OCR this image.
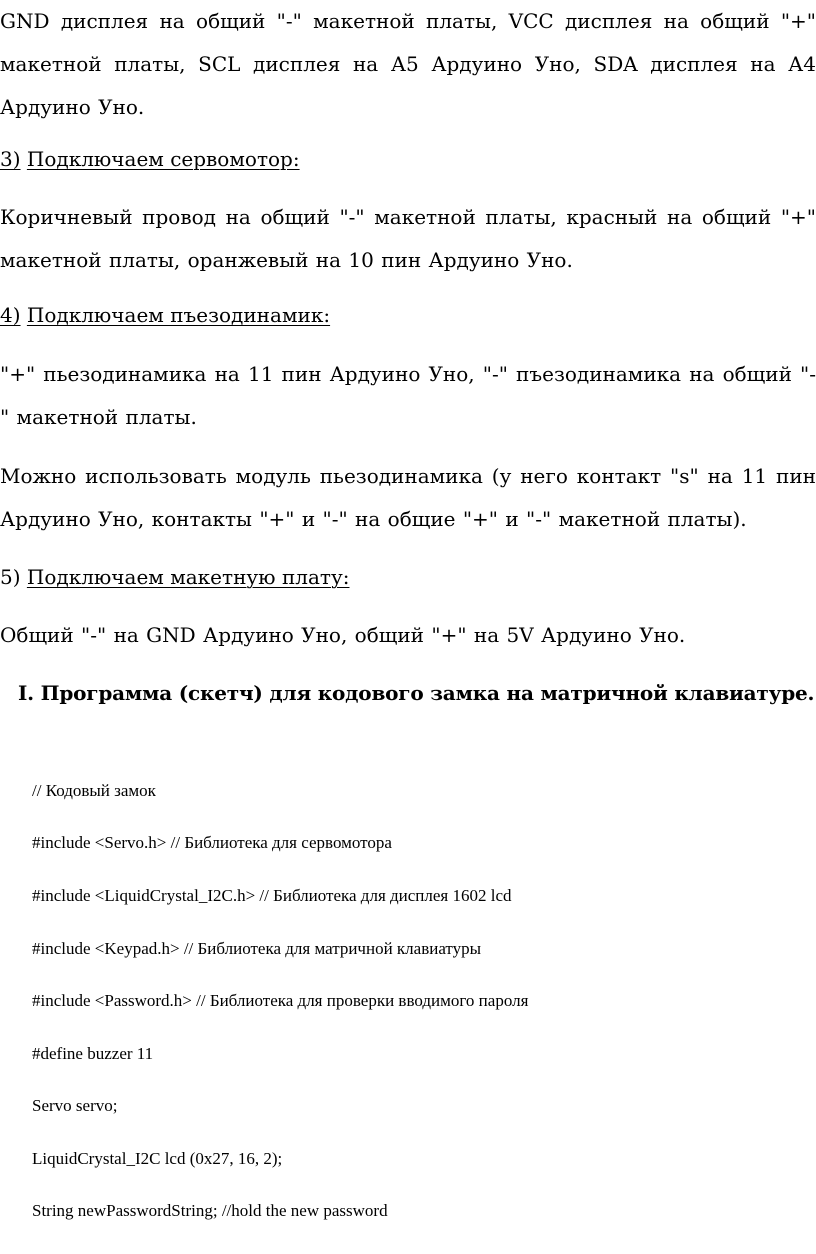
GND дисплея на общий "-" макетной платы, VCC дисплея на общий "+" макетной платы, SCL дисплея на А5 Ардуино Уно, SDA дисплея на А4 Ардуино Уно.

3) Подключаем сервомотор:

Коричневый провод на общий "-" макетной платы, красный на общий "+" макетной платы, оранжевый на 10 пин Ардуино Уно.

4) Подключаем пъезодинамик:

"+" пьезодинамика на 11 пин Ардуино Уно, "-" пъезодинамика на общий "-" макетной платы.

Можно использовать модуль пьезодинамика (у него контакт "s" на 11 пин Ардуино Уно, контакты "+" и "-" на общие "+" и "-" макетной платы).

5) Подключаем макетную плату:

Общий "-" на GND Ардуино Уно, общий "+" на 5V Ардуино Уно.

I. Программа (скетч) для кодового замка на матричной клавиатуре.

// Кодовый замок

#include <Servo.h> // Библиотека для сервомотора

#include <LiquidCrystal_I2C.h> // Библиотека для дисплея 1602 lcd

#include <Keypad.h> // Библиотека для матричной клавиатуры

#include <Password.h> // Библиотека для проверки вводимого пароля

#define buzzer 11

Servo servo;

LiquidCrystal_I2C lcd (0x27, 16, 2);

String newPasswordString; //hold the new password
